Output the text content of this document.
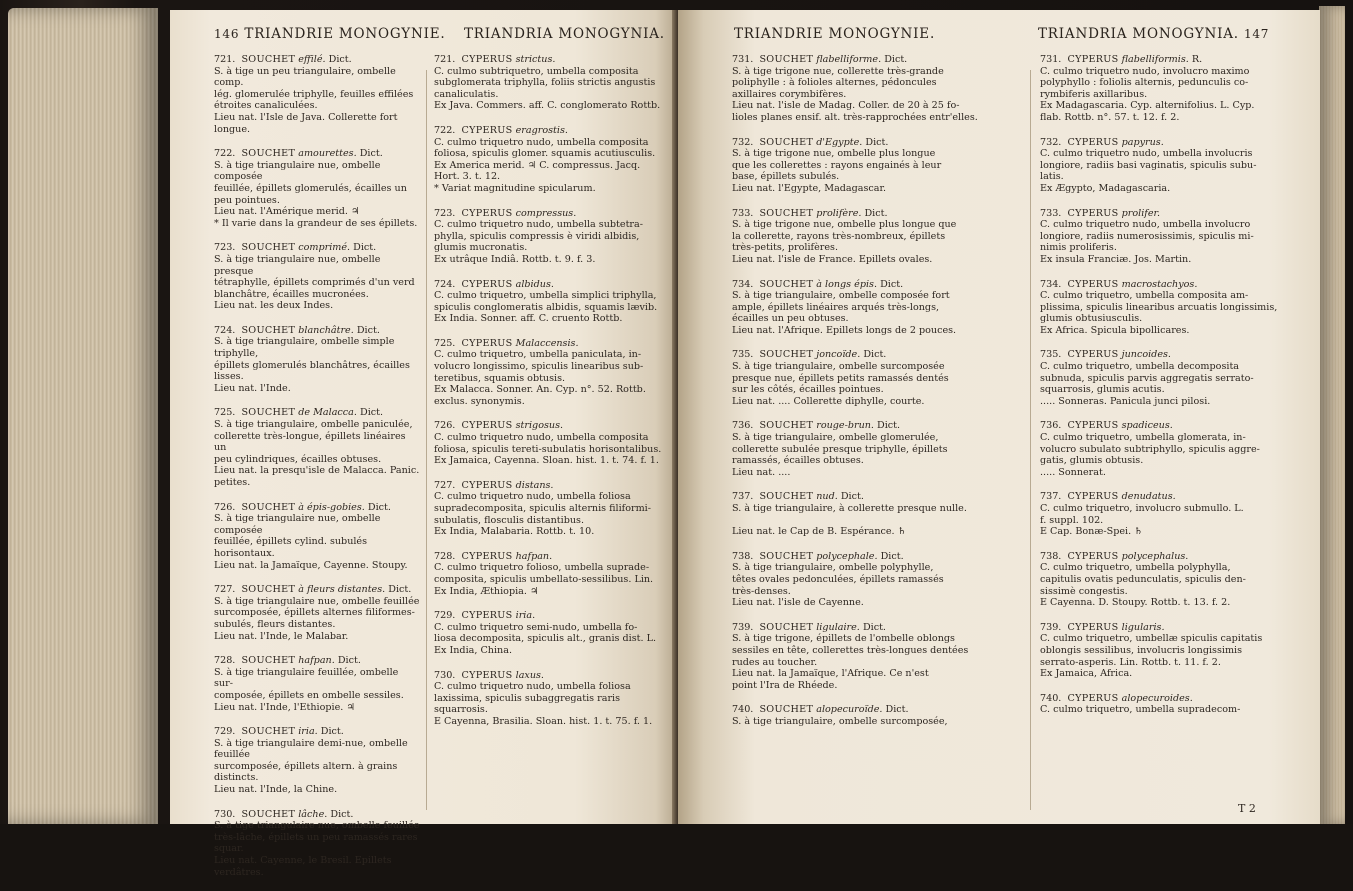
146 TRIANDRIE MONOGYNIE. TRIANDRIA MONOGYNIA.
721. SOUCHET effilé. Dict.
S. à tige un peu triangulaire, ombelle comp.
lég. glomerulée triphylle, feuilles effilées
étroites canaliculées.
Lieu nat. l'Isle de Java. Collerette fort longue.
722. SOUCHET amourettes. Dict.
S. à tige triangulaire nue, ombelle composée
feuillée, épillets glomerulés, écailles un
peu pointues.
Lieu nat. l'Amérique merid. ♃
* Il varie dans la grandeur de ses épillets.
723. SOUCHET comprimé. Dict.
S. à tige triangulaire nue, ombelle presque
tétraphylle, épillets comprimés d'un verd
blanchâtre, écailles mucronées.
Lieu nat. les deux Indes.
724. SOUCHET blanchâtre. Dict.
S. à tige triangulaire, ombelle simple triphylle,
épillets glomerulés blanchâtres, écailles lisses.
Lieu nat. l'Inde.
725. SOUCHET de Malacca. Dict.
S. à tige triangulaire, ombelle paniculée,
collerette très-longue, épillets linéaires un
peu cylindriques, écailles obtuses.
Lieu nat. la presqu'isle de Malacca. Panic. petites.
726. SOUCHET à épis-gobies. Dict.
S. à tige triangulaire nue, ombelle composée
feuillée, épillets cylind. subulés horisontaux.
Lieu nat. la Jamaïque, Cayenne. Stoupy.
727. SOUCHET à fleurs distantes. Dict.
S. à tige triangulaire nue, ombelle feuillée
surcomposée, épillets alternes filiformes-
subulés, fleurs distantes.
Lieu nat. l'Inde, le Malabar.
728. SOUCHET hafpan. Dict.
S. à tige triangulaire feuillée, ombelle sur-
composée, épillets en ombelle sessiles.
Lieu nat. l'Inde, l'Ethiopie. ♃
729. SOUCHET iria. Dict.
S. à tige triangulaire demi-nue, ombelle feuillée
surcomposée, épillets altern. à grains distincts.
Lieu nat. l'Inde, la Chine.
730. SOUCHET lâche. Dict.
S. à tige triangulaire nue, ombelle feuillée
très-lâche, épillets un peu ramassés rares squar.
Lieu nat. Cayenne, le Bresil. Epillets verdâtres.
721. CYPERUS strictus.
C. culmo subtriquetro, umbella composita
subglomerata triphylla, foliis strictis angustis
canaliculatis.
Ex Java. Commers. aff. C. conglomerato Rottb.
722. CYPERUS eragrostis.
C. culmo triquetro nudo, umbella composita
foliosa, spiculis glomer. squamis acutiusculis.
Ex America merid. ♃ C. compressus. Jacq.
Hort. 3. t. 12.
* Variat magnitudine spicularum.
723. CYPERUS compressus.
C. culmo triquetro nudo, umbella subtetra-
phylla, spiculis compressis è viridi albidis,
glumis mucronatis.
Ex utrâque Indiâ. Rottb. t. 9. f. 3.
724. CYPERUS albidus.
C. culmo triquetro, umbella simplici triphylla,
spiculis conglomeratis albidis, squamis lævib.
Ex India. Sonner. aff. C. cruento Rottb.
725. CYPERUS Malaccensis.
C. culmo triquetro, umbella paniculata, in-
volucro longissimo, spiculis linearibus sub-
teretibus, squamis obtusis.
Ex Malacca. Sonner. An. Cyp. n°. 52. Rottb.
exclus. synonymis.
726. CYPERUS strigosus.
C. culmo triquetro nudo, umbella composita
foliosa, spiculis tereti-subulatis horisontalibus.
Ex Jamaica, Cayenna. Sloan. hist. 1. t. 74. f. 1.
727. CYPERUS distans.
C. culmo triquetro nudo, umbella foliosa
supradecomposita, spiculis alternis filiformi-
subulatis, flosculis distantibus.
Ex India, Malabaria. Rottb. t. 10.
728. CYPERUS hafpan.
C. culmo triquetro folioso, umbella suprade-
composita, spiculis umbellato-sessilibus. Lin.
Ex India, Æthiopia. ♃
729. CYPERUS iria.
C. culmo triquetro semi-nudo, umbella fo-
liosa decomposita, spiculis alt., granis dist. L.
Ex India, China.
730. CYPERUS laxus.
C. culmo triquetro nudo, umbella foliosa
laxissima, spiculis subaggregatis raris squarrosis.
E Cayenna, Brasilia. Sloan. hist. 1. t. 75. f. 1.
TRIANDRIE MONOGYNIE.	TRIANDRIA MONOGYNIA. 147
731. SOUCHET flabelliforme. Dict.
S. à tige trigone nue, collerette très-grande
poliphylle : à folioles alternes, pédoncules
axillaires corymbifères.
Lieu nat. l'isle de Madag. Coller. de 20 à 25 fo-
lioles planes ensif. alt. très-rapprochées entr'elles.
732. SOUCHET d'Egypte. Dict.
S. à tige trigone nue, ombelle plus longue
que les collerettes : rayons engainés à leur
base, épillets subulés.
Lieu nat. l'Egypte, Madagascar.
733. SOUCHET prolifère. Dict.
S. à tige trigone nue, ombelle plus longue que
la collerette, rayons très-nombreux, épillets
très-petits, prolifères.
Lieu nat. l'isle de France. Epillets ovales.
734. SOUCHET à longs épis. Dict.
S. à tige triangulaire, ombelle composée fort
ample, épillets linéaires arqués très-longs,
écailles un peu obtuses.
Lieu nat. l'Afrique. Epillets longs de 2 pouces.
735. SOUCHET joncoïde. Dict.
S. à tige triangulaire, ombelle surcomposée
presque nue, épillets petits ramassés dentés
sur les côtés, écailles pointues.
Lieu nat. .... Collerette diphylle, courte.
736. SOUCHET rouge-brun. Dict.
S. à tige triangulaire, ombelle glomerulée,
collerette subulée presque triphylle, épillets
ramassés, écailles obtuses.
Lieu nat. ....
737. SOUCHET nud. Dict.
S. à tige triangulaire, à collerette presque nulle.
Lieu nat. le Cap de B. Espérance. ♄
738. SOUCHET polycephale. Dict.
S. à tige triangulaire, ombelle polyphylle,
têtes ovales pedonculées, épillets ramassés
très-denses.
Lieu nat. l'isle de Cayenne.
739. SOUCHET ligulaire. Dict.
S. à tige trigone, épillets de l'ombelle oblongs
sessiles en tête, collerettes très-longues dentées
rudes au toucher.
Lieu nat. la Jamaïque, l'Afrique. Ce n'est
point l'Ira de Rhéede.
740. SOUCHET alopecuroïde. Dict.
S. à tige triangulaire, ombelle surcomposée,
731. CYPERUS flabelliformis. R.
C. culmo triquetro nudo, involucro maximo
polyphyllo : foliolis alternis, pedunculis co-
rymbiferis axillaribus.
Ex Madagascaria. Cyp. alternifolius. L. Cyp.
flab. Rottb. n°. 57. t. 12. f. 2.
732. CYPERUS papyrus.
C. culmo triquetro nudo, umbella involucris
longiore, radiis basi vaginatis, spiculis subu-
latis.
Ex Ægypto, Madagascaria.
733. CYPERUS prolifer.
C. culmo triquetro nudo, umbella involucro
longiore, radiis numerosissimis, spiculis mi-
nimis proliferis.
Ex insula Franciæ. Jos. Martin.
734. CYPERUS macrostachyos.
C. culmo triquetro, umbella composita am-
plissima, spiculis linearibus arcuatis longissimis,
glumis obtusiusculis.
Ex Africa. Spicula bipollicares.
735. CYPERUS juncoides.
C. culmo triquetro, umbella decomposita
subnuda, spiculis parvis aggregatis serrato-
squarrosis, glumis acutis.
..... Sonneras. Panicula junci pilosi.
736. CYPERUS spadiceus.
C. culmo triquetro, umbella glomerata, in-
volucro subulato subtriphyllo, spiculis aggre-
gatis, glumis obtusis.
..... Sonnerat.
737. CYPERUS denudatus.
C. culmo triquetro, involucro submullo. L.
f. suppl. 102.
E Cap. Bonæ-Spei. ♄
738. CYPERUS polycephalus.
C. culmo triquetro, umbella polyphylla,
capitulis ovatis pedunculatis, spiculis den-
sissimè congestis.
E Cayenna. D. Stoupy. Rottb. t. 13. f. 2.
739. CYPERUS ligularis.
C. culmo triquetro, umbellæ spiculis capitatis
oblongis sessilibus, involucris longissimis
serrato-asperis. Lin. Rottb. t. 11. f. 2.
Ex Jamaica, Africa.
740. CYPERUS alopecuroides.
C. culmo triquetro, umbella supradecom-
T 2
